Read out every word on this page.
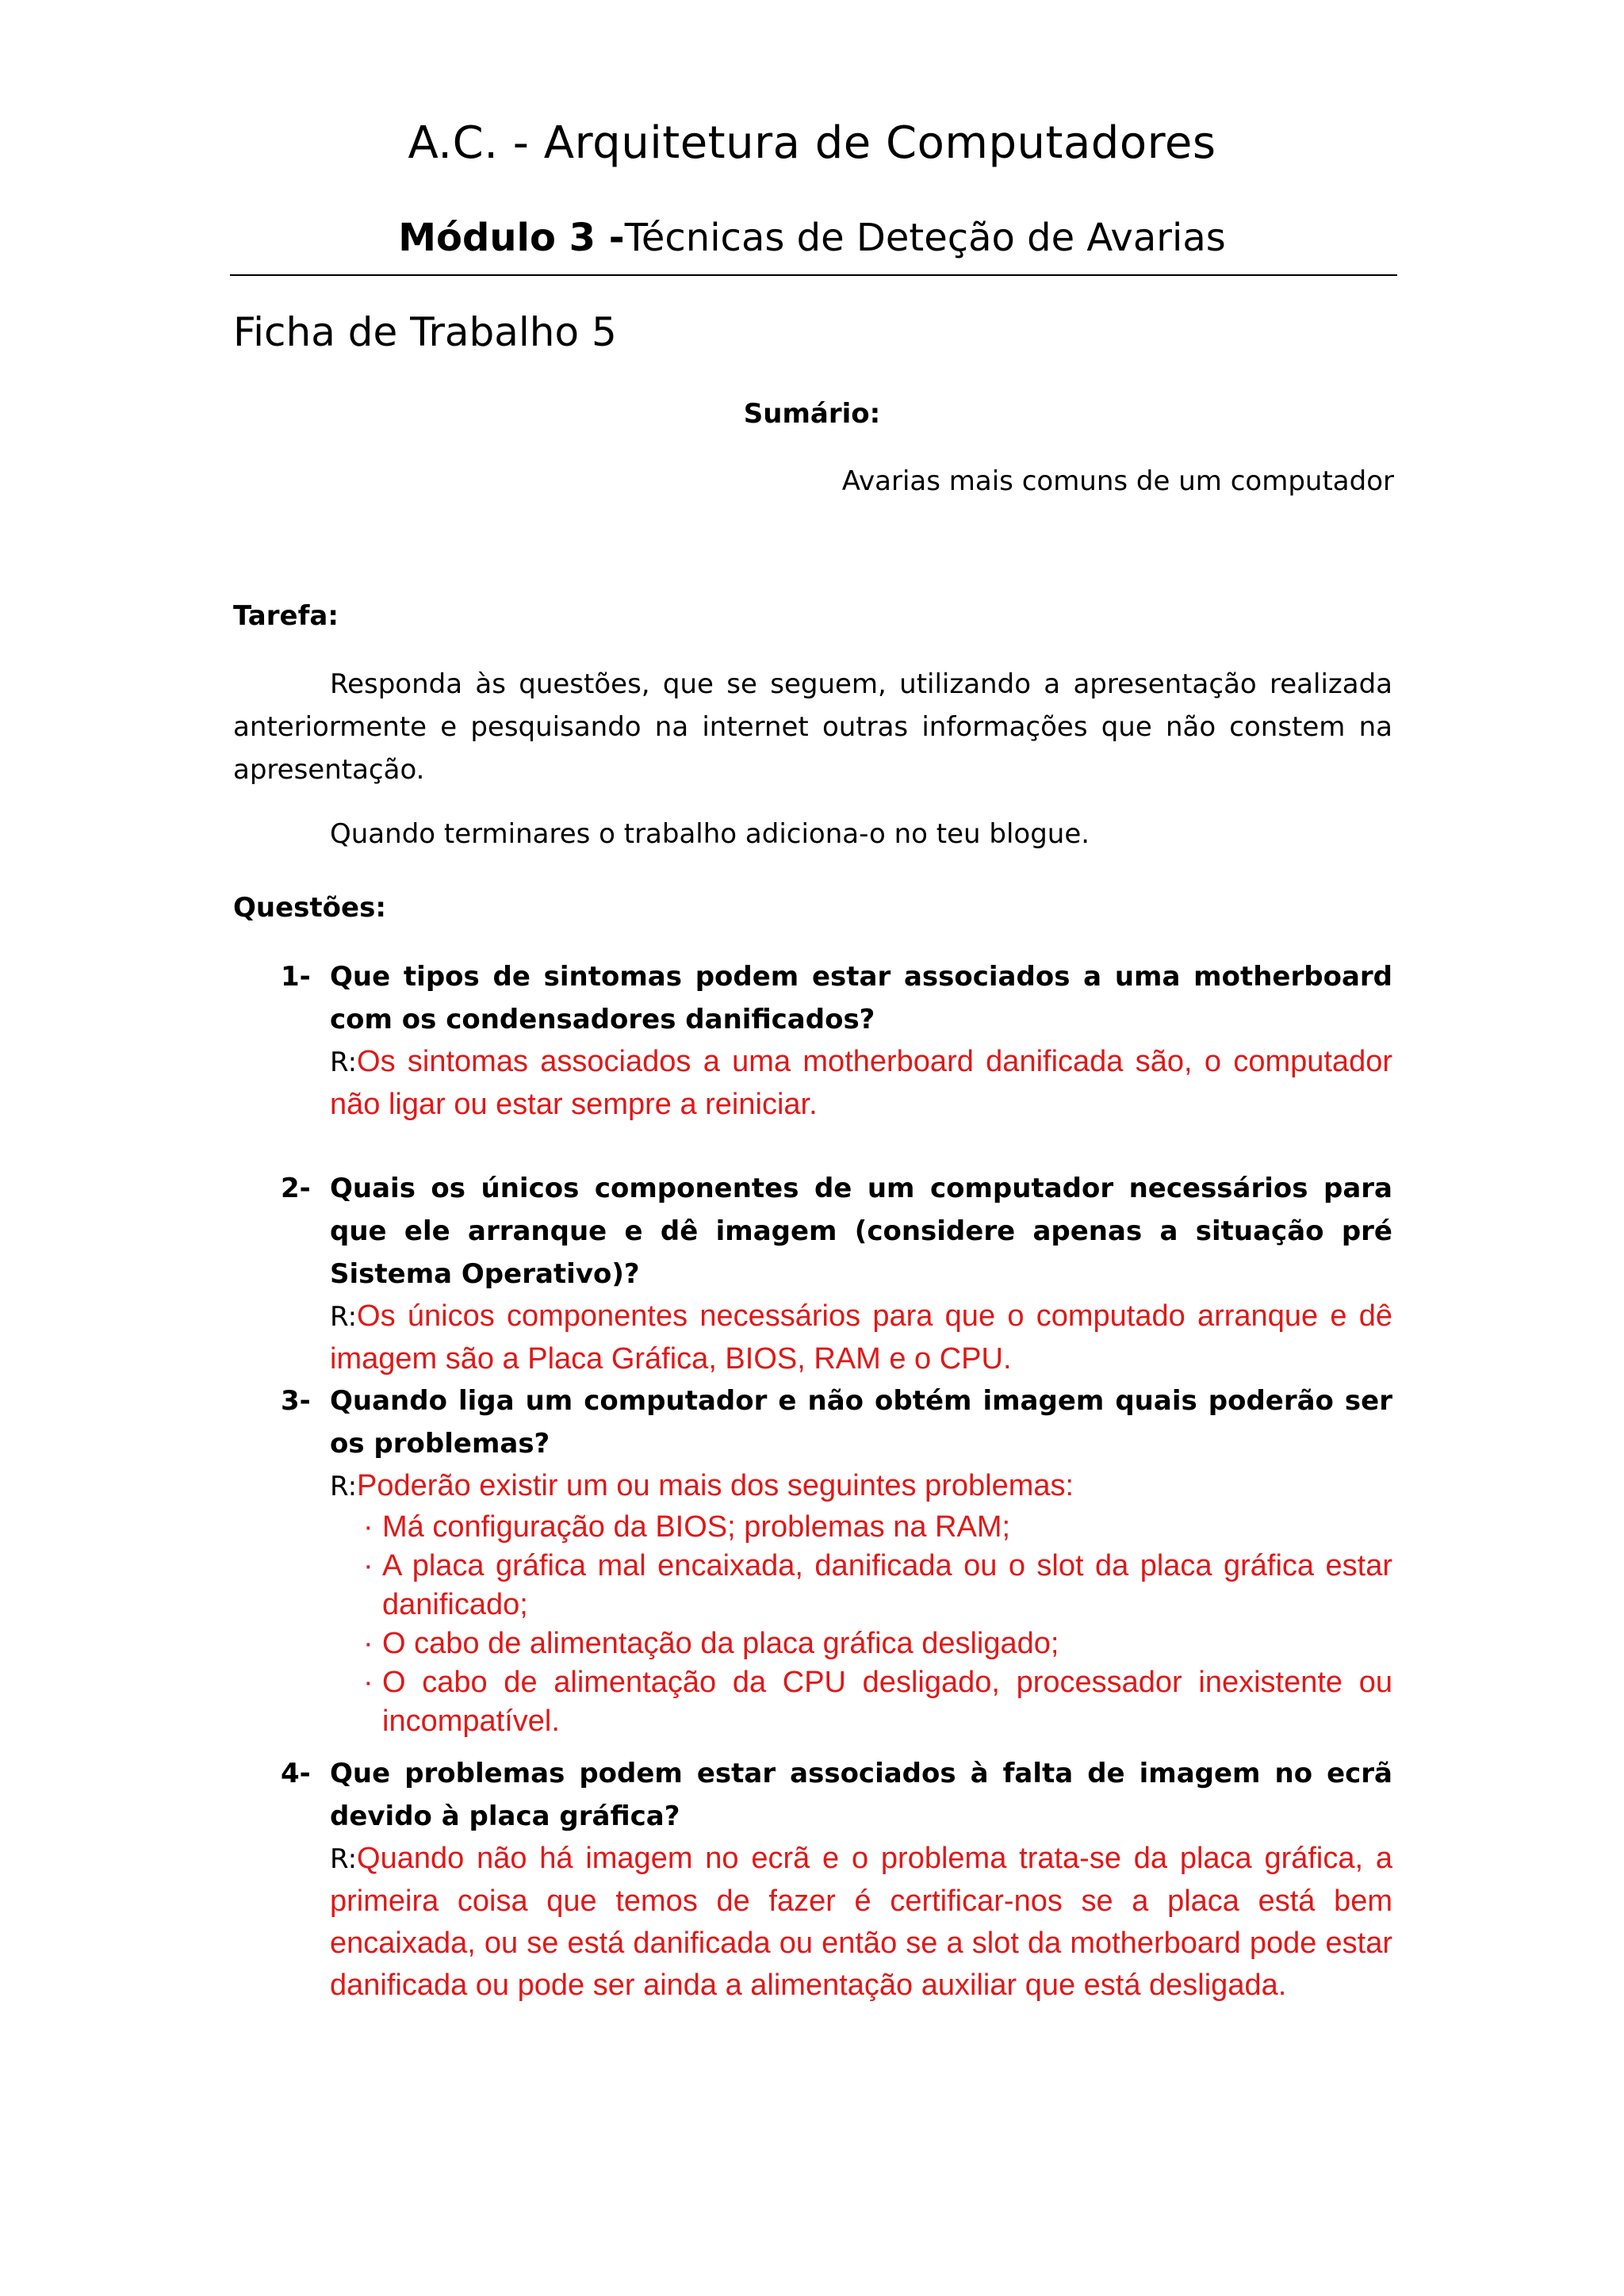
A.C. - Arquitetura de Computadores
Módulo 3 -Técnicas de Deteção de Avarias
Ficha de Trabalho 5
Sumário:
Avarias mais comuns de um computador
Tarefa:
Responda às questões, que se seguem, utilizando a apresentação realizada anteriormente e pesquisando na internet outras informações que não constem na apresentação.
Quando terminares o trabalho adiciona-o no teu blogue.
Questões:
1- Que tipos de sintomas podem estar associados a uma motherboard com os condensadores danificados?
R:Os sintomas associados a uma motherboard danificada são, o computador não ligar ou estar sempre a reiniciar.
2- Quais os únicos componentes de um computador necessários para que ele arranque e dê imagem (considere apenas a situação pré Sistema Operativo)?
R:Os únicos componentes necessários para que o computado arranque e dê imagem são a Placa Gráfica, BIOS, RAM e o CPU.
3- Quando liga um computador e não obtém imagem quais poderão ser os problemas?
R:Poderão existir um ou mais dos seguintes problemas:
· Má configuração da BIOS; problemas na RAM;
· A placa gráfica mal encaixada, danificada ou o slot da placa gráfica estar danificado;
· O cabo de alimentação da placa gráfica desligado;
· O cabo de alimentação da CPU desligado, processador inexistente ou incompatível.
4- Que problemas podem estar associados à falta de imagem no ecrã devido à placa gráfica?
R:Quando não há imagem no ecrã e o problema trata-se da placa gráfica, a primeira coisa que temos de fazer é certificar-nos se a placa está bem encaixada, ou se está danificada ou então se a slot da motherboard pode estar danificada ou pode ser ainda a alimentação auxiliar que está desligada.
